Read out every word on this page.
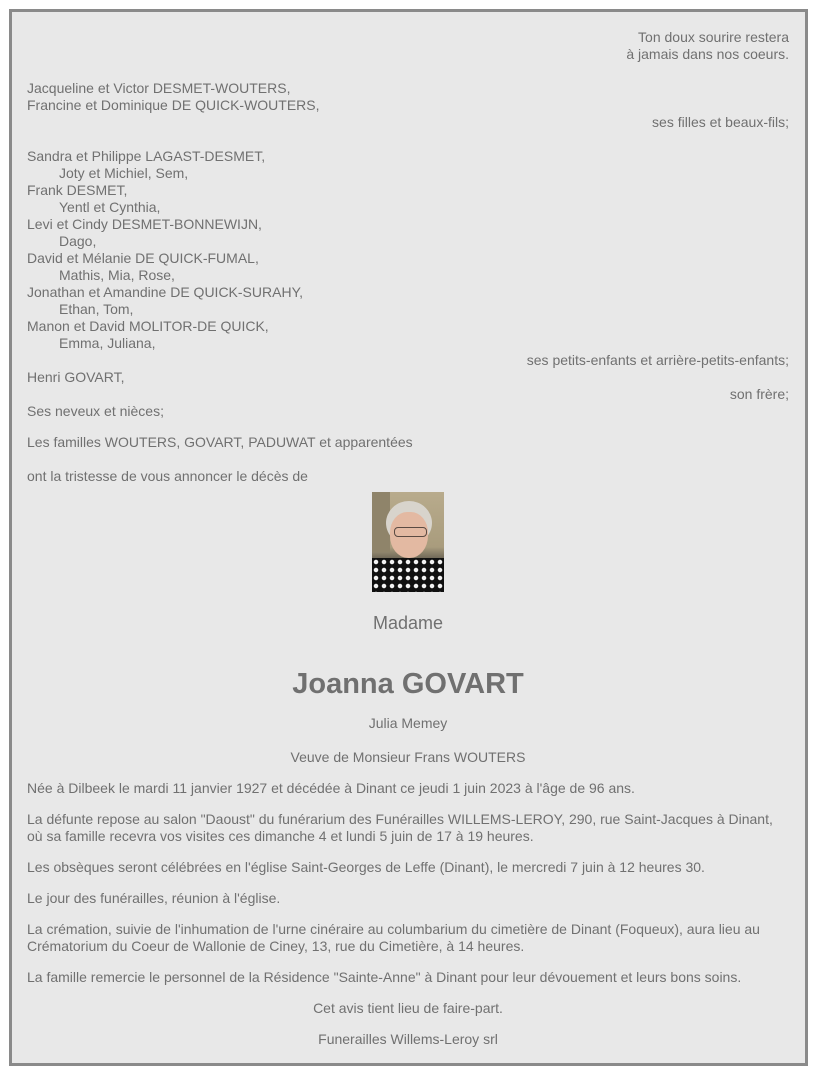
Ton doux sourire restera
à jamais dans nos coeurs.
Jacqueline et Victor DESMET-WOUTERS,
Francine et Dominique DE QUICK-WOUTERS,
ses filles et beaux-fils;
Sandra et Philippe LAGAST-DESMET,
Joty et Michiel, Sem,
Frank DESMET,
Yentl et Cynthia,
Levi et Cindy DESMET-BONNEWIJN,
Dago,
David et Mélanie DE QUICK-FUMAL,
Mathis, Mia, Rose,
Jonathan et Amandine DE QUICK-SURAHY,
Ethan, Tom,
Manon et David MOLITOR-DE QUICK,
Emma, Juliana,
ses petits-enfants et arrière-petits-enfants;
Henri GOVART,
son frère;
Ses neveux et nièces;
Les familles WOUTERS, GOVART, PADUWAT et apparentées
ont la tristesse de vous annoncer le décès de
Madame
Joanna GOVART
Julia Memey
Veuve de Monsieur Frans WOUTERS
Née à Dilbeek le mardi 11 janvier 1927 et décédée à Dinant ce jeudi 1 juin 2023 à l'âge de 96 ans.
La défunte repose au salon "Daoust" du funérarium des Funérailles WILLEMS-LEROY, 290, rue Saint-Jacques à Dinant, où sa famille recevra vos visites ces dimanche 4 et lundi 5 juin de 17 à 19 heures.
Les obsèques seront célébrées en l'église Saint-Georges de Leffe (Dinant), le mercredi 7 juin à 12 heures 30.
Le jour des funérailles, réunion à l'église.
La crémation, suivie de l'inhumation de l'urne cinéraire au columbarium du cimetière de Dinant (Foqueux), aura lieu au Crématorium du Coeur de Wallonie de Ciney, 13, rue du Cimetière, à 14 heures.
La famille remercie le personnel de la Résidence "Sainte-Anne" à Dinant pour leur dévouement et leurs bons soins.
Cet avis tient lieu de faire-part.
Funerailles Willems-Leroy srl
